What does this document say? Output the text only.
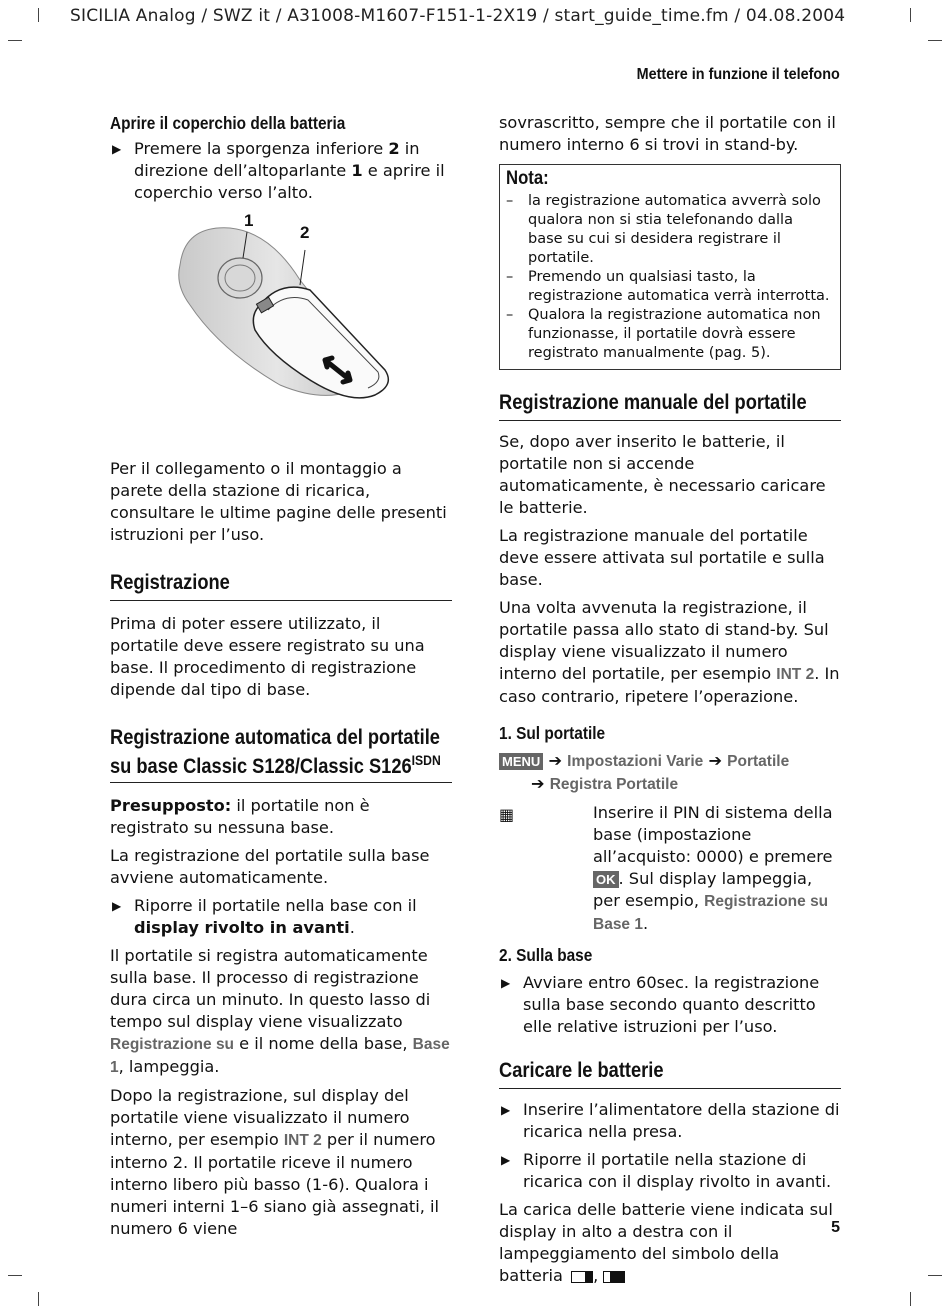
SICILIA Analog / SWZ it / A31008-M1607-F151-1-2X19 / start_guide_time.fm / 04.08.2004
Mettere in funzione il telefono
Aprire il coperchio della batteria
▶ Premere la sporgenza inferiore 2 in direzione dell’altoparlante 1 e aprire il coperchio verso l’alto.
1
2

Per il collegamento o il montaggio a parete della stazione di ricarica, consultare le ultime pagine delle presenti istruzioni per l’uso.

Registrazione

Prima di poter essere utilizzato, il portatile deve essere registrato su una base. Il procedimento di registrazione dipende dal tipo di base.

Registrazione automatica del portatile
su base Classic S128/Classic $S126^{ISDN}$

Presupposto: il portatile non è registrato su nessuna base.

La registrazione del portatile sulla base avviene automaticamente.

▶ Riporre il portatile nella base con il display rivolto in avanti.

Il portatile si registra automaticamente sulla base. Il processo di registrazione dura circa un minuto. In questo lasso di tempo sul display viene visualizzato Registrazione su e il nome della base, Base 1, lampeggia.

Dopo la registrazione, sul display del portatile viene visualizzato il numero interno, per esempio INT 2 per il numero interno 2. Il portatile riceve il numero interno libero più basso (1-6). Qualora i numeri interni 1–6 siano già assegnati, il numero 6 viene

sovrascritto, sempre che il portatile con il numero interno 6 si trovi in stand-by.

Nota:
– la registrazione automatica avverrà solo qualora non si stia telefonando dalla base su cui si desidera registrare il portatile.
– Premendo un qualsiasi tasto, la registrazione automatica verrà interrotta.
– Qualora la registrazione automatica non funzionasse, il portatile dovrà essere registrato manualmente (pag. 5).
Registrazione manuale del portatile

Se, dopo aver inserito le batterie, il portatile non si accende automaticamente, è necessario caricare le batterie.

La registrazione manuale del portatile deve essere attivata sul portatile e sulla base.

Una volta avvenuta la registrazione, il portatile passa allo stato di stand-by. Sul display viene visualizzato il numero interno del portatile, per esempio INT 2. In caso contrario, ripetere l’operazione.

1. Sul portatile
MENU ➔ Impostazioni Varie ➔ Portatile
➔ Registra Portatile
▦	Inserire il PIN di sistema della base (impostazione all’acquisto: 0000) e premere OK . Sul display lampeggia, per esempio, Registrazione su Base 1.
2. Sulla base
▶ Avviare entro 60sec. la registrazione sulla base secondo quanto descritto elle relative istruzioni per l’uso.
Caricare le batterie
▶ Inserire l’alimentatore della stazione di ricarica nella presa.
▶ Riporre il portatile nella stazione di ricarica con il display rivolto in avanti.

La carica delle batterie viene indicata sul display in alto a destra con il lampeggiamento del simbolo della batteria ,

5
